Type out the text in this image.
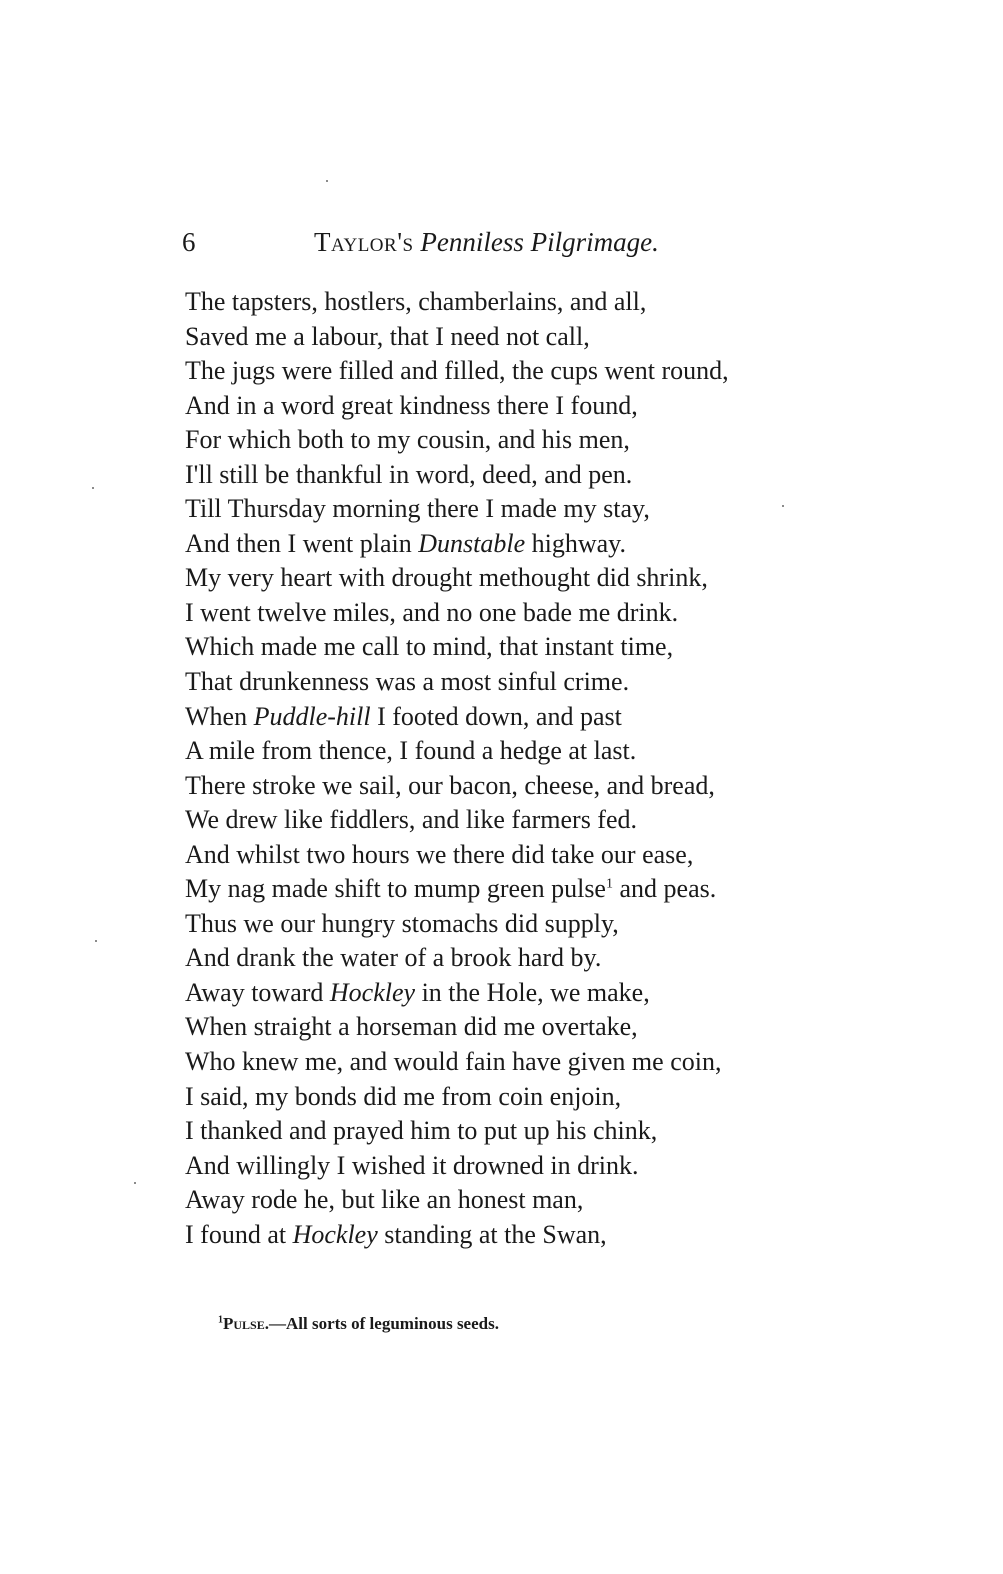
6	Taylor's Penniless Pilgrimage.
The tapsters, hostlers, chamberlains, and all,
Saved me a labour, that I need not call,
The jugs were filled and filled, the cups went round,
And in a word great kindness there I found,
For which both to my cousin, and his men,
I'll still be thankful in word, deed, and pen.
Till Thursday morning there I made my stay,
And then I went plain Dunstable highway.
My very heart with drought methought did shrink,
I went twelve miles, and no one bade me drink.
Which made me call to mind, that instant time,
That drunkenness was a most sinful crime.
When Puddle-hill I footed down, and past
A mile from thence, I found a hedge at last.
There stroke we sail, our bacon, cheese, and bread,
We drew like fiddlers, and like farmers fed.
And whilst two hours we there did take our ease,
My nag made shift to mump green pulse$^1$ and peas.
Thus we our hungry stomachs did supply,
And drank the water of a brook hard by.
Away toward Hockley in the Hole, we make,
When straight a horseman did me overtake,
Who knew me, and would fain have given me coin,
I said, my bonds did me from coin enjoin,
I thanked and prayed him to put up his chink,
And willingly I wished it drowned in drink.
Away rode he, but like an honest man,
I found at Hockley standing at the Swan,
$^1$Pulse.—All sorts of leguminous seeds.
